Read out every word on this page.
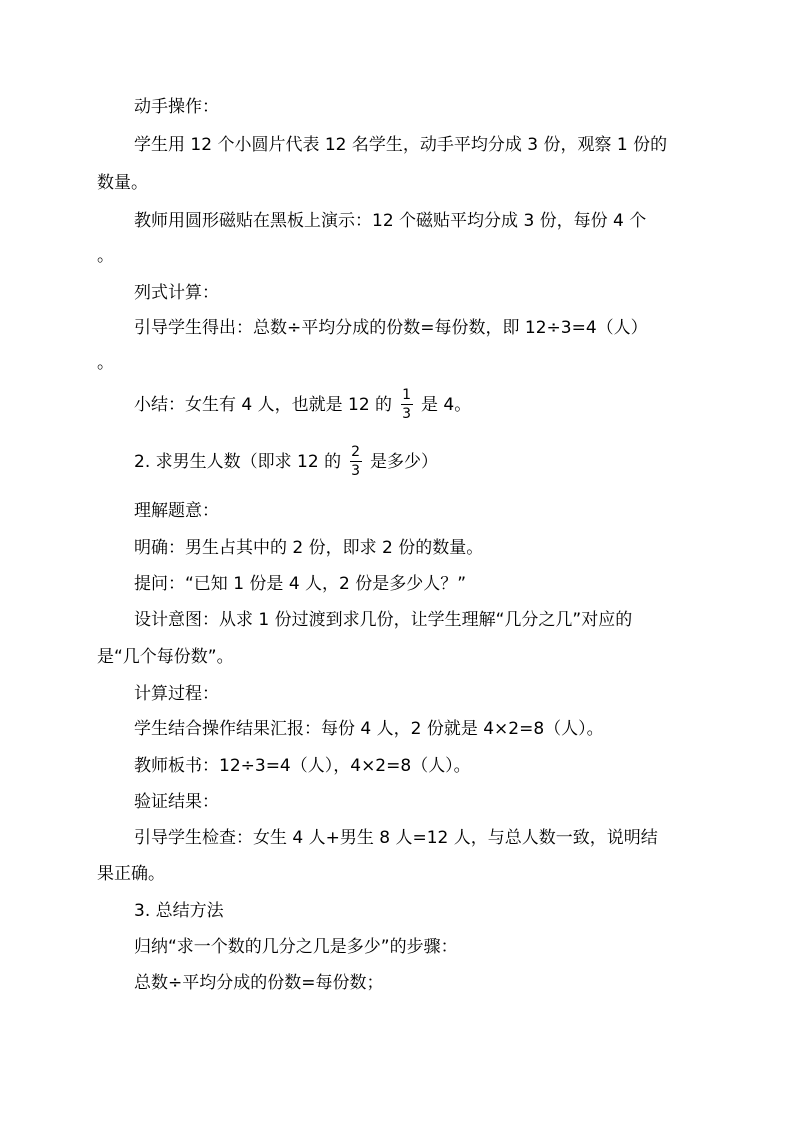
动手操作：
学生用 12 个小圆片代表 12 名学生，动手平均分成 3 份，观察 1 份的
数量。
教师用圆形磁贴在黑板上演示：12 个磁贴平均分成 3 份，每份 4 个
。
列式计算：
引导学生得出：总数÷平均分成的份数=每份数，即 12÷3=4（人）
。
小结：女生有 4 人，也就是 12 的 $\frac{1}{3}$ 是 4。
2. 求男生人数（即求 12 的 $\frac{2}{3}$ 是多少）
理解题意：
明确：男生占其中的 2 份，即求 2 份的数量。
提问：“已知 1 份是 4 人，2 份是多少人？”
设计意图：从求 1 份过渡到求几份，让学生理解“几分之几”对应的
是“几个每份数”。
计算过程：
学生结合操作结果汇报：每份 4 人，2 份就是 4×2=8（人）。
教师板书：12÷3=4（人），4×2=8（人）。
验证结果：
引导学生检查：女生 4 人+男生 8 人=12 人，与总人数一致，说明结
果正确。
3. 总结方法
归纳“求一个数的几分之几是多少”的步骤：
总数÷平均分成的份数=每份数；
